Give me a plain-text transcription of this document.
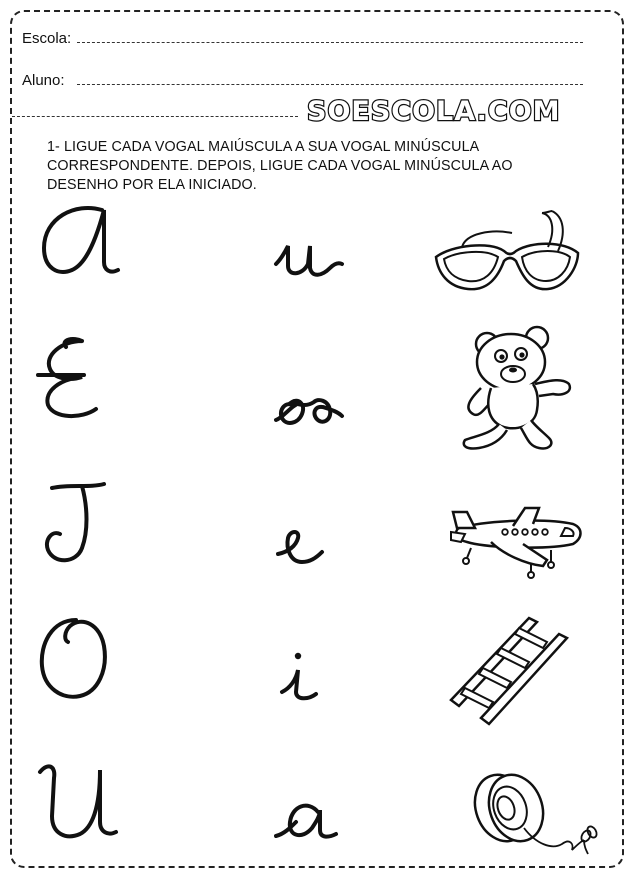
Escola:
Aluno:
SOESCOLA.COM
1- LIGUE CADA VOGAL MAIÚSCULA A SUA VOGAL MINÚSCULA
CORRESPONDENTE. DEPOIS, LIGUE CADA VOGAL MINÚSCULA AO
DESENHO POR ELA INICIADO.
